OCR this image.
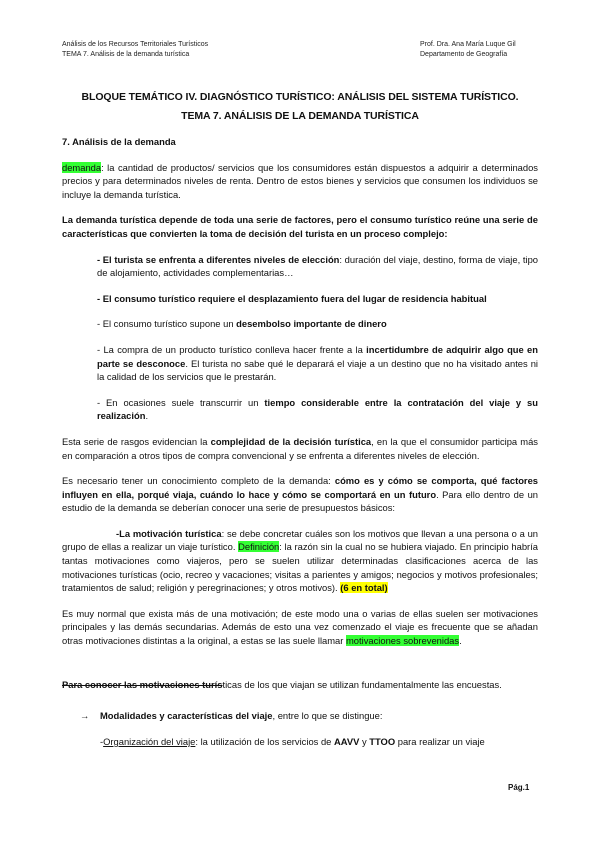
Análisis de los Recursos Territoriales Turísticos
TEMA 7. Análisis de la demanda turística
Prof. Dra. Ana María Luque Gil
Departamento de Geografía
BLOQUE TEMÁTICO IV. DIAGNÓSTICO TURÍSTICO: ANÁLISIS DEL SISTEMA TURÍSTICO.
TEMA 7. ANÁLISIS DE LA DEMANDA TURÍSTICA

7. Análisis de la demanda

demanda: la cantidad de productos/ servicios que los consumidores están dispuestos a adquirir a determinados precios y para determinados niveles de renta. Dentro de estos bienes y servicios que consumen los individuos se incluye la demanda turística.

La demanda turística depende de toda una serie de factores, pero el consumo turístico reúne una serie de características que convierten la toma de decisión del turista en un proceso complejo:

- El turista se enfrenta a diferentes niveles de elección: duración del viaje, destino, forma de viaje, tipo de alojamiento, actividades complementarias…

- El consumo turístico requiere el desplazamiento fuera del lugar de residencia habitual

- El consumo turístico supone un desembolso importante de dinero

- La compra de un producto turístico conlleva hacer frente a la incertidumbre de adquirir algo que en parte se desconoce. El turista no sabe qué le deparará el viaje a un destino que no ha visitado antes ni la calidad de los servicios que le prestarán.

- En ocasiones suele transcurrir un tiempo considerable entre la contratación del viaje y su realización.

Esta serie de rasgos evidencian la complejidad de la decisión turística, en la que el consumidor participa más en comparación a otros tipos de compra convencional y se enfrenta a diferentes niveles de elección.

Es necesario tener un conocimiento completo de la demanda: cómo es y cómo se comporta, qué factores influyen en ella, porqué viaja, cuándo lo hace y cómo se comportará en un futuro. Para ello dentro de un estudio de la demanda se deberían conocer una serie de presupuestos básicos:

-La motivación turística: se debe concretar cuáles son los motivos que llevan a una persona o a un grupo de ellas a realizar un viaje turístico. Definición: la razón sin la cual no se hubiera viajado. En principio habría tantas motivaciones como viajeros, pero se suelen utilizar determinadas clasificaciones acerca de las motivaciones turísticas (ocio, recreo y vacaciones; visitas a parientes y amigos; negocios y motivos profesionales; tratamientos de salud; religión y peregrinaciones; y otros motivos). (6 en total)

Es muy normal que exista más de una motivación; de este modo una o varias de ellas suelen ser motivaciones principales y las demás secundarias. Además de esto una vez comenzado el viaje es frecuente que se añadan otras motivaciones distintas a la original, a estas se las suele llamar motivaciones sobrevenidas.

Para conocer las motivaciones turísticas de los que viajan se utilizan fundamentalmente las encuestas.

→	Modalidades y características del viaje, entre lo que se distingue:

-Organización del viaje: la utilización de los servicios de AAVV y TTOO para realizar un viaje

Pág.1
